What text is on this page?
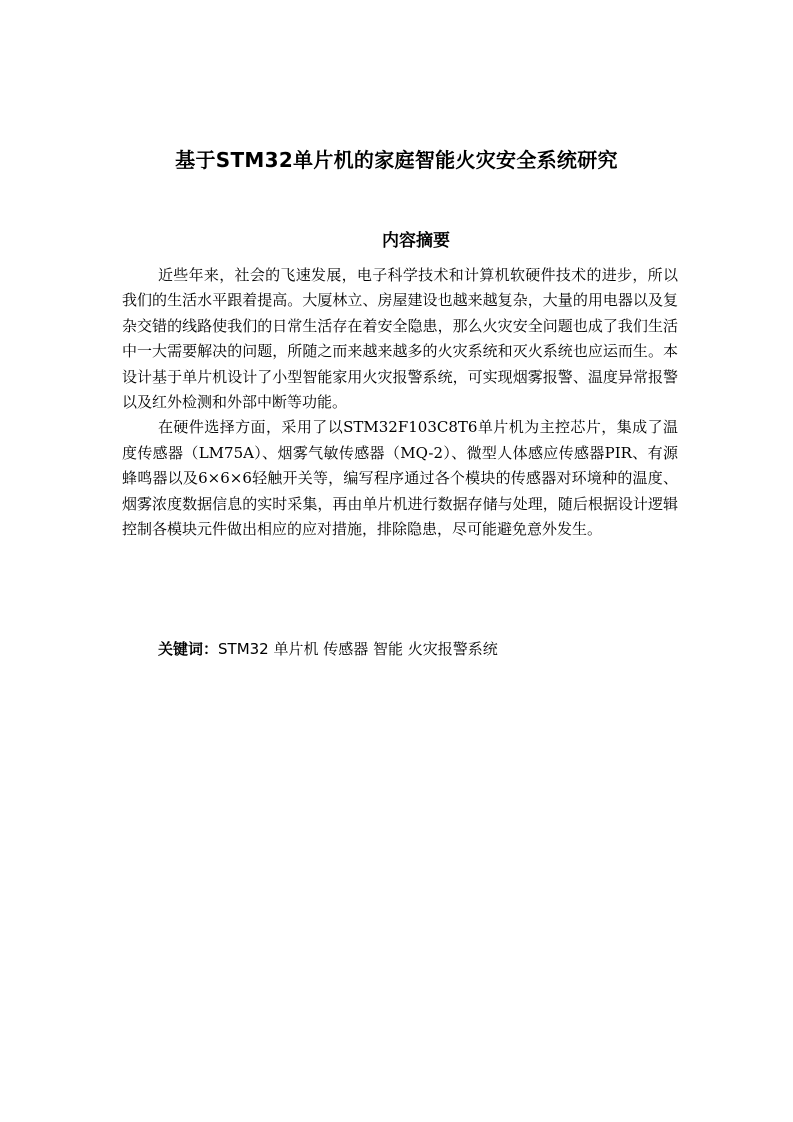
基于STM32单片机的家庭智能火灾安全系统研究
内容摘要

近些年来，社会的飞速发展，电子科学技术和计算机软硬件技术的进步，所以我们的生活水平跟着提高。大厦林立、房屋建设也越来越复杂，大量的用电器以及复杂交错的线路使我们的日常生活存在着安全隐患，那么火灾安全问题也成了我们生活中一大需要解决的问题，所随之而来越来越多的火灾系统和灭火系统也应运而生。本设计基于单片机设计了小型智能家用火灾报警系统，可实现烟雾报警、温度异常报警以及红外检测和外部中断等功能。

在硬件选择方面，采用了以STM32F103C8T6单片机为主控芯片，集成了温度传感器（LM75A）、烟雾气敏传感器（MQ-2）、微型人体感应传感器PIR、有源蜂鸣器以及6×6×6轻触开关等，编写程序通过各个模块的传感器对环境种的温度、烟雾浓度数据信息的实时采集，再由单片机进行数据存储与处理，随后根据设计逻辑控制各模块元件做出相应的应对措施，排除隐患，尽可能避免意外发生。

关键词：STM32 单片机 传感器 智能 火灾报警系统
